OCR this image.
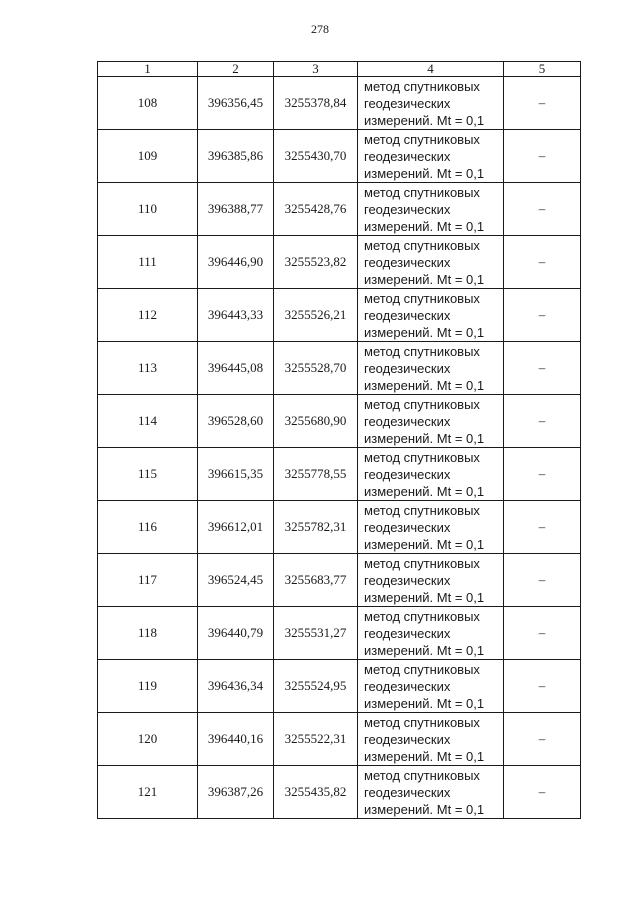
278
1	2	3	4	5
108	396356,45	3255378,84	метод спутниковых
геодезических
измерений. Mt = 0,1	–
109	396385,86	3255430,70	метод спутниковых
геодезических
измерений. Mt = 0,1	–
110	396388,77	3255428,76	метод спутниковых
геодезических
измерений. Mt = 0,1	–
111	396446,90	3255523,82	метод спутниковых
геодезических
измерений. Mt = 0,1	–
112	396443,33	3255526,21	метод спутниковых
геодезических
измерений. Mt = 0,1	–
113	396445,08	3255528,70	метод спутниковых
геодезических
измерений. Mt = 0,1	–
114	396528,60	3255680,90	метод спутниковых
геодезических
измерений. Mt = 0,1	–
115	396615,35	3255778,55	метод спутниковых
геодезических
измерений. Mt = 0,1	–
116	396612,01	3255782,31	метод спутниковых
геодезических
измерений. Mt = 0,1	–
117	396524,45	3255683,77	метод спутниковых
геодезических
измерений. Mt = 0,1	–
118	396440,79	3255531,27	метод спутниковых
геодезических
измерений. Mt = 0,1	–
119	396436,34	3255524,95	метод спутниковых
геодезических
измерений. Mt = 0,1	–
120	396440,16	3255522,31	метод спутниковых
геодезических
измерений. Mt = 0,1	–
121	396387,26	3255435,82	метод спутниковых
геодезических
измерений. Mt = 0,1	–
